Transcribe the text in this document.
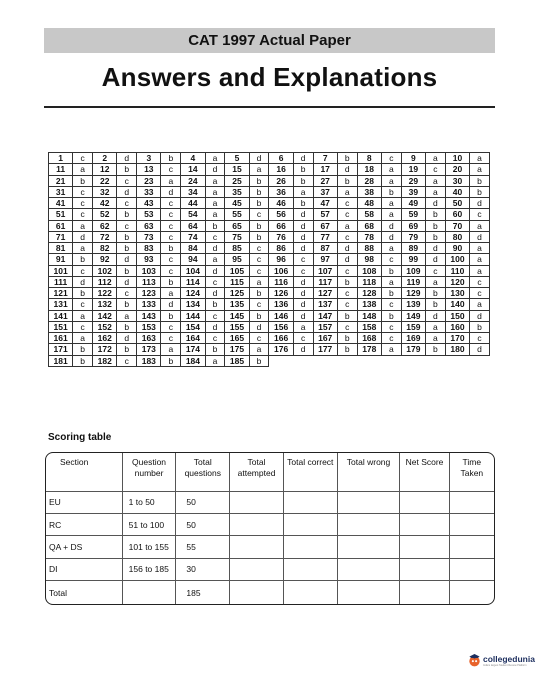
CAT 1997 Actual Paper
Answers and Explanations
1	c	2	d	3	b	4	a	5	d	6	d	7	b	8	c	9	a	10	a
11	a	12	b	13	c	14	d	15	a	16	b	17	d	18	a	19	c	20	a
21	b	22	c	23	a	24	a	25	b	26	b	27	b	28	a	29	a	30	b
31	c	32	d	33	d	34	a	35	b	36	a	37	a	38	b	39	a	40	b
41	c	42	c	43	c	44	a	45	b	46	b	47	c	48	a	49	d	50	d
51	c	52	b	53	c	54	a	55	c	56	d	57	c	58	a	59	b	60	c
61	a	62	c	63	c	64	b	65	b	66	d	67	a	68	d	69	b	70	a
71	d	72	b	73	c	74	c	75	b	76	d	77	c	78	d	79	b	80	d
81	a	82	b	83	b	84	d	85	c	86	d	87	d	88	a	89	d	90	a
91	b	92	d	93	c	94	a	95	c	96	c	97	d	98	c	99	d	100	a
101	c	102	b	103	c	104	d	105	c	106	c	107	c	108	b	109	c	110	a
111	d	112	d	113	b	114	c	115	a	116	d	117	b	118	a	119	a	120	c
121	b	122	c	123	a	124	d	125	b	126	d	127	c	128	b	129	b	130	c
131	c	132	b	133	d	134	b	135	c	136	d	137	c	138	c	139	b	140	a
141	a	142	a	143	b	144	c	145	b	146	d	147	b	148	b	149	d	150	d
151	c	152	b	153	c	154	d	155	d	156	a	157	c	158	c	159	a	160	b
161	a	162	d	163	c	164	c	165	c	166	c	167	b	168	c	169	a	170	c
171	b	172	b	173	a	174	b	175	a	176	d	177	b	178	a	179	b	180	d
181	b	182	c	183	b	184	a	185	b										
Scoring table
Section	Question number	Total questions	Total attempted	Total correct	Total wrong	Net Score	Time Taken
EU	1 to 50	50					
RC	51 to 100	50					
QA + DS	101 to 155	55					
DI	156 to 185	30					
Total		185					
collegedunia
India's largest Student Review Platform
